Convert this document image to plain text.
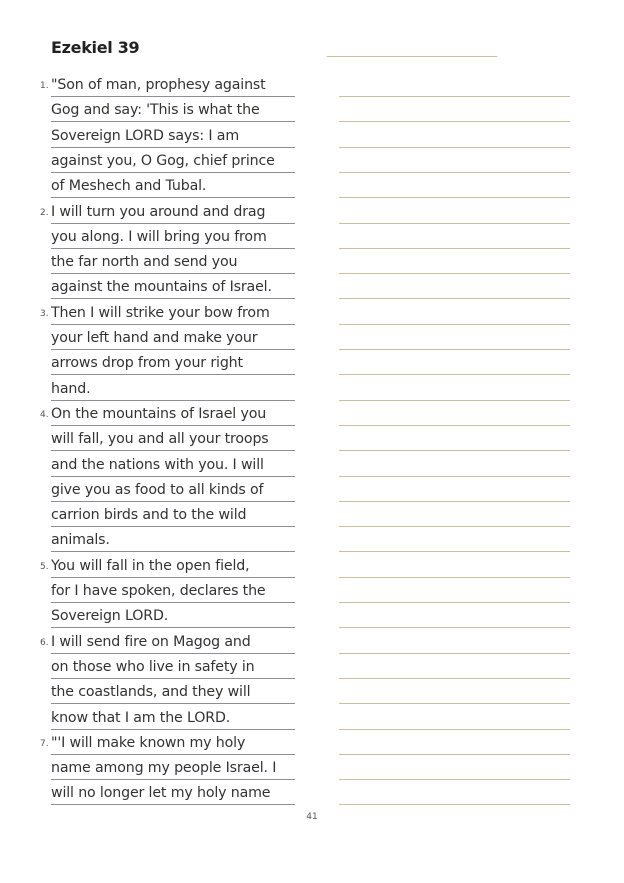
Ezekiel 39
1. "Son of man, prophesy against
Gog and say: 'This is what the
Sovereign LORD says: I am
against you, O Gog, chief prince
of Meshech and Tubal.
2. I will turn you around and drag
you along. I will bring you from
the far north and send you
against the mountains of Israel.
3. Then I will strike your bow from
your left hand and make your
arrows drop from your right
hand.
4. On the mountains of Israel you
will fall, you and all your troops
and the nations with you. I will
give you as food to all kinds of
carrion birds and to the wild
animals.
5. You will fall in the open field,
for I have spoken, declares the
Sovereign LORD.
6. I will send fire on Magog and
on those who live in safety in
the coastlands, and they will
know that I am the LORD.
7. "'I will make known my holy
name among my people Israel. I
will no longer let my holy name
41
